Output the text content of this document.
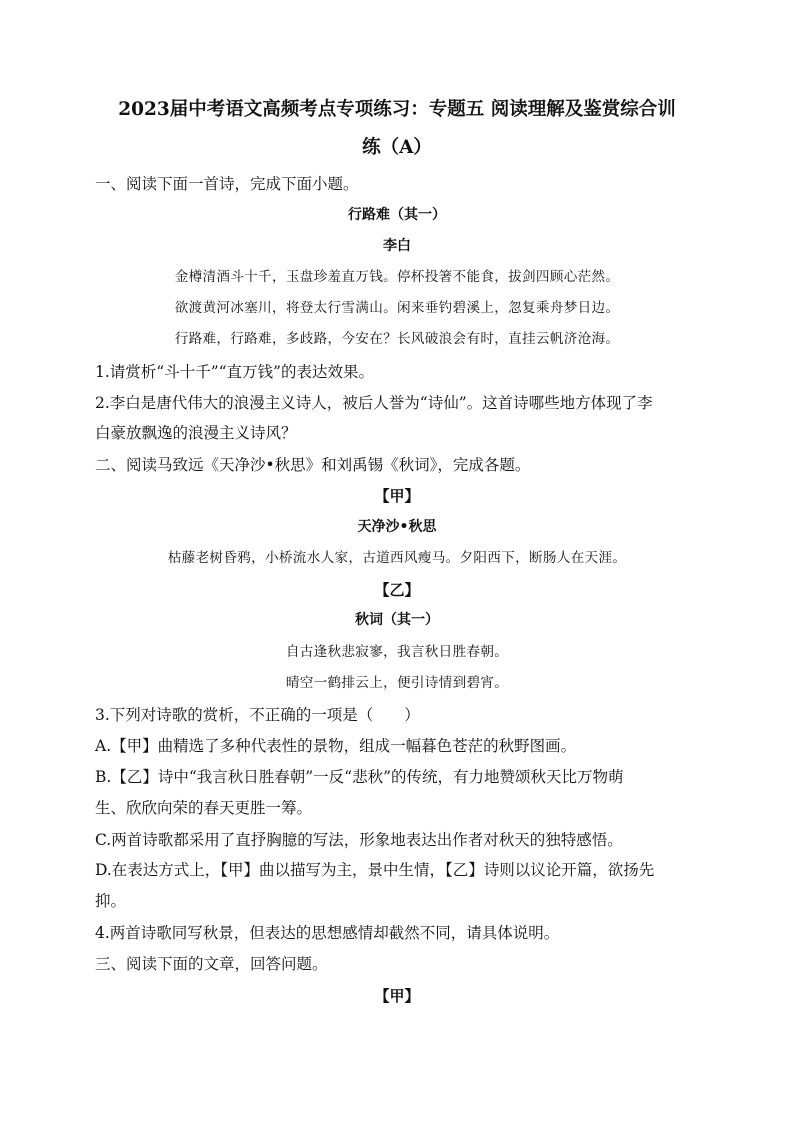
2023届中考语文高频考点专项练习：专题五 阅读理解及鉴赏综合训
练（A）
一、阅读下面一首诗，完成下面小题。
行路难（其一）
李白
金樽清酒斗十千，玉盘珍羞直万钱。停杯投箸不能食，拔剑四顾心茫然。
欲渡黄河冰塞川，将登太行雪满山。闲来垂钓碧溪上，忽复乘舟梦日边。
行路难，行路难，多歧路，今安在？长风破浪会有时，直挂云帆济沧海。
1.请赏析“斗十千”“直万钱”的表达效果。
2.李白是唐代伟大的浪漫主义诗人，被后人誉为“诗仙”。这首诗哪些地方体现了李
白豪放飘逸的浪漫主义诗风？
二、阅读马致远《天净沙•秋思》和刘禹锡《秋词》，完成各题。
【甲】
天净沙•秋思
枯藤老树昏鸦，小桥流水人家，古道西风瘦马。夕阳西下，断肠人在天涯。
【乙】
秋词（其一）
自古逢秋悲寂寥，我言秋日胜春朝。
晴空一鹤排云上，便引诗情到碧宵。
3.下列对诗歌的赏析，不正确的一项是（　　）
A.【甲】曲精选了多种代表性的景物，组成一幅暮色苍茫的秋野图画。
B.【乙】诗中“我言秋日胜春朝”一反“悲秋”的传统，有力地赞颂秋天比万物萌
生、欣欣向荣的春天更胜一筹。
C.两首诗歌都采用了直抒胸臆的写法，形象地表达出作者对秋天的独特感悟。
D.在表达方式上，【甲】曲以描写为主，景中生情，【乙】诗则以议论开篇，欲扬先
抑。
4.两首诗歌同写秋景，但表达的思想感情却截然不同，请具体说明。
三、阅读下面的文章，回答问题。
【甲】
